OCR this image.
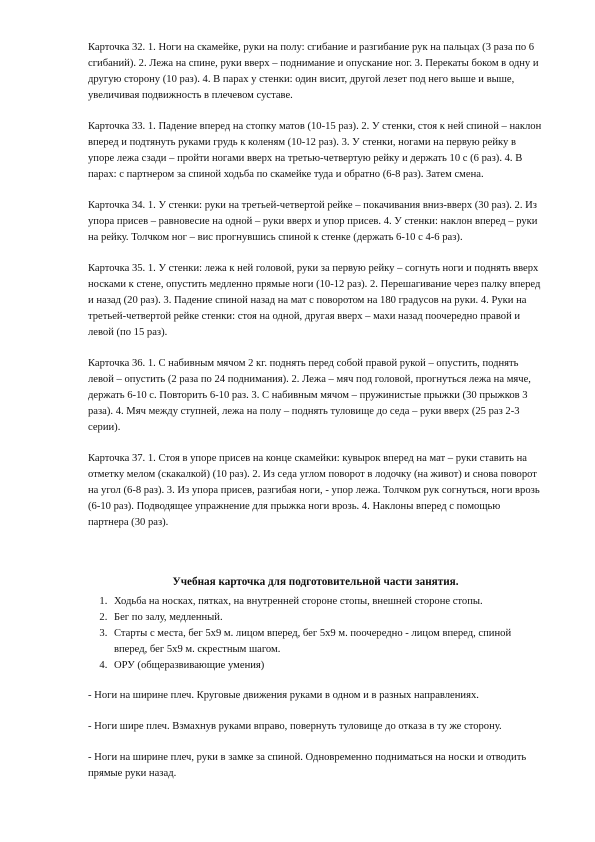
Карточка 32. 1. Ноги на скамейке, руки на полу: сгибание и разгибание рук на пальцах (3 раза по 6 сгибаний). 2. Лежа на спине, руки вверх – поднимание и опускание ног. 3. Перекаты боком в одну и другую сторону (10 раз). 4. В парах у стенки: один висит, другой лезет под него выше и выше, увеличивая подвижность в плечевом суставе.

Карточка 33. 1. Падение вперед на стопку матов (10-15 раз). 2. У стенки, стоя к ней спиной – наклон вперед и подтянуть руками грудь к коленям (10-12 раз). 3. У стенки, ногами на первую рейку в упоре лежа сзади – пройти ногами вверх на третью-четвертую рейку и держать 10 с (6 раз). 4. В парах: с партнером за спиной ходьба по скамейке туда и обратно (6-8 раз). Затем смена.

Карточка 34. 1. У стенки: руки на третьей-четвертой рейке – покачивания вниз-вверх (30 раз). 2. Из упора присев – равновесие на одной – руки вверх и упор присев. 4. У стенки: наклон вперед – руки на рейку. Толчком ног – вис прогнувшись спиной к стенке (держать 6-10 с 4-6 раз).

Карточка 35. 1. У стенки: лежа к ней головой, руки за первую рейку – согнуть ноги и поднять вверх носками к стене, опустить медленно прямые ноги (10-12 раз). 2. Перешагивание через палку вперед и назад (20 раз). 3. Падение спиной назад на мат с поворотом на 180 градусов на руки. 4. Руки на третьей-четвертой рейке стенки: стоя на одной, другая вверх – махи назад поочередно правой и левой (по 15 раз).

Карточка 36. 1. С набивным мячом 2 кг. поднять перед собой правой рукой – опустить, поднять левой – опустить (2 раза по 24 поднимания). 2. Лежа – мяч под головой, прогнуться лежа на мяче, держать 6-10 с. Повторить 6-10 раз. 3. С набивным мячом – пружинистые прыжки (30 прыжков 3 раза). 4. Мяч между ступней, лежа на полу – поднять туловище до седа – руки вверх (25 раз 2-3 серии).

Карточка 37. 1. Стоя в упоре присев на конце скамейки: кувырок вперед на мат – руки ставить на отметку мелом (скакалкой) (10 раз). 2. Из седа углом поворот в лодочку (на живот) и снова поворот на угол (6-8 раз). 3. Из упора присев, разгибая ноги, - упор лежа. Толчком рук согнуться, ноги врозь (6-10 раз). Подводящее упражнение для прыжка ноги врозь. 4. Наклоны вперед с помощью партнера (30 раз).

Учебная карточка для подготовительной части занятия.
1. Ходьба на носках, пятках, на внутренней стороне стопы, внешней стороне стопы.
2. Бег по залу, медленный.
3. Старты с места, бег 5х9 м. лицом вперед, бег 5х9 м. поочередно - лицом вперед, спиной вперед, бег 5х9 м. скрестным шагом.
4. ОРУ (общеразвивающие умения)

- Ноги на ширине плеч. Круговые движения руками в одном и в разных направлениях.

- Ноги шире плеч. Взмахнув руками вправо, повернуть туловище до отказа в ту же сторону.

- Ноги на ширине плеч, руки в замке за спиной. Одновременно подниматься на носки и отводить прямые руки назад.
